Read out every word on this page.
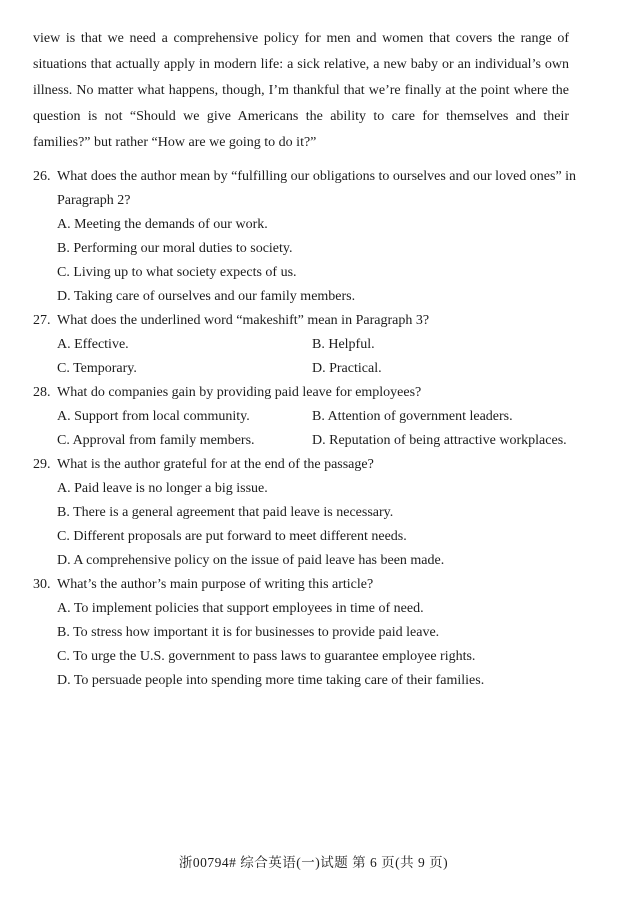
view is that we need a comprehensive policy for men and women that covers the range of situations that actually apply in modern life: a sick relative, a new baby or an individual’s own illness. No matter what happens, though, I’m thankful that we’re finally at the point where the question is not “Should we give Americans the ability to care for themselves and their families?” but rather “How are we going to do it?”

26. What does the author mean by “fulfilling our obligations to ourselves and our loved ones” in Paragraph 2?
A. Meeting the demands of our work.
B. Performing our moral duties to society.
C. Living up to what society expects of us.
D. Taking care of ourselves and our family members.
27. What does the underlined word “makeshift” mean in Paragraph 3?
A. Effective.	B. Helpful.
C. Temporary.	D. Practical.
28. What do companies gain by providing paid leave for employees?
A. Support from local community.	B. Attention of government leaders.
C. Approval from family members.	D. Reputation of being attractive workplaces.
29. What is the author grateful for at the end of the passage?
A. Paid leave is no longer a big issue.
B. There is a general agreement that paid leave is necessary.
C. Different proposals are put forward to meet different needs.
D. A comprehensive policy on the issue of paid leave has been made.
30. What’s the author’s main purpose of writing this article?
A. To implement policies that support employees in time of need.
B. To stress how important it is for businesses to provide paid leave.
C. To urge the U.S. government to pass laws to guarantee employee rights.
D. To persuade people into spending more time taking care of their families.
浙00794# 综合英语(一)试题 第 6 页(共 9 页)
